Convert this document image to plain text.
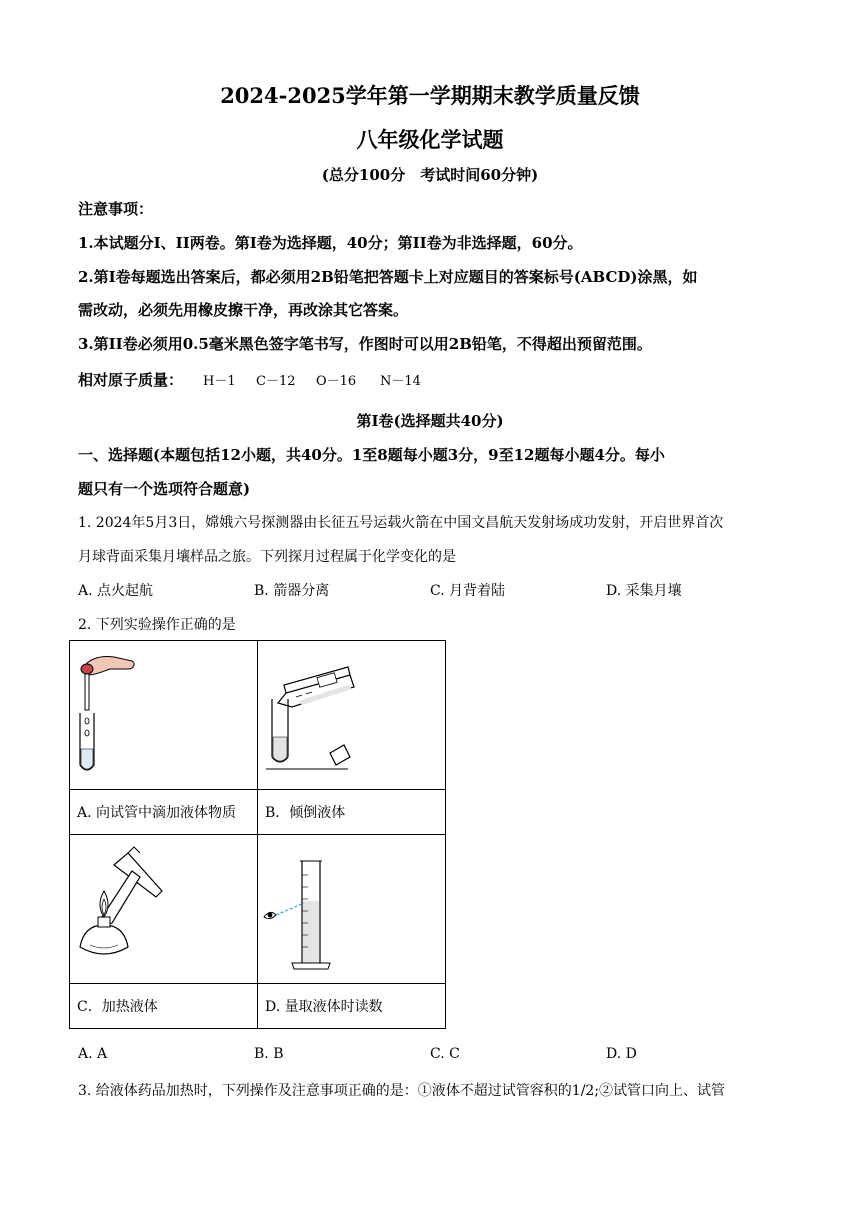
2024-2025学年第一学期期末教学质量反馈
八年级化学试题
(总分100分　考试时间60分钟)
注意事项：
1.本试题分I、II两卷。第I卷为选择题，40分；第II卷为非选择题，60分。
2.第I卷每题选出答案后，都必须用2B铅笔把答题卡上对应题目的答案标号(ABCD)涂黑，如
需改动，必须先用橡皮擦干净，再改涂其它答案。
3.第II卷必须用0.5毫米黑色签字笔书写，作图时可以用2B铅笔，不得超出预留范围。
相对原子质量： H－1 C－12 O－16 N－14
第I卷(选择题共40分)
一、选择题(本题包括12小题，共40分。1至8题每小题3分，9至12题每小题4分。每小
题只有一个选项符合题意)
1. 2024年5月3日，嫦娥六号探测器由长征五号运载火箭在中国文昌航天发射场成功发射，开启世界首次
月球背面采集月壤样品之旅。下列探月过程属于化学变化的是
A. 点火起航	B. 箭器分离	C. 月背着陆	D. 采集月壤
2. 下列实验操作正确的是

A. 向试管中滴加液体物质	B．倾倒液体

C．加热液体	D. 量取液体时读数
A. A	B. B	C. C	D. D
3. 给液体药品加热时，下列操作及注意事项正确的是：①液体不超过试管容积的1/2;②试管口向上、试管
